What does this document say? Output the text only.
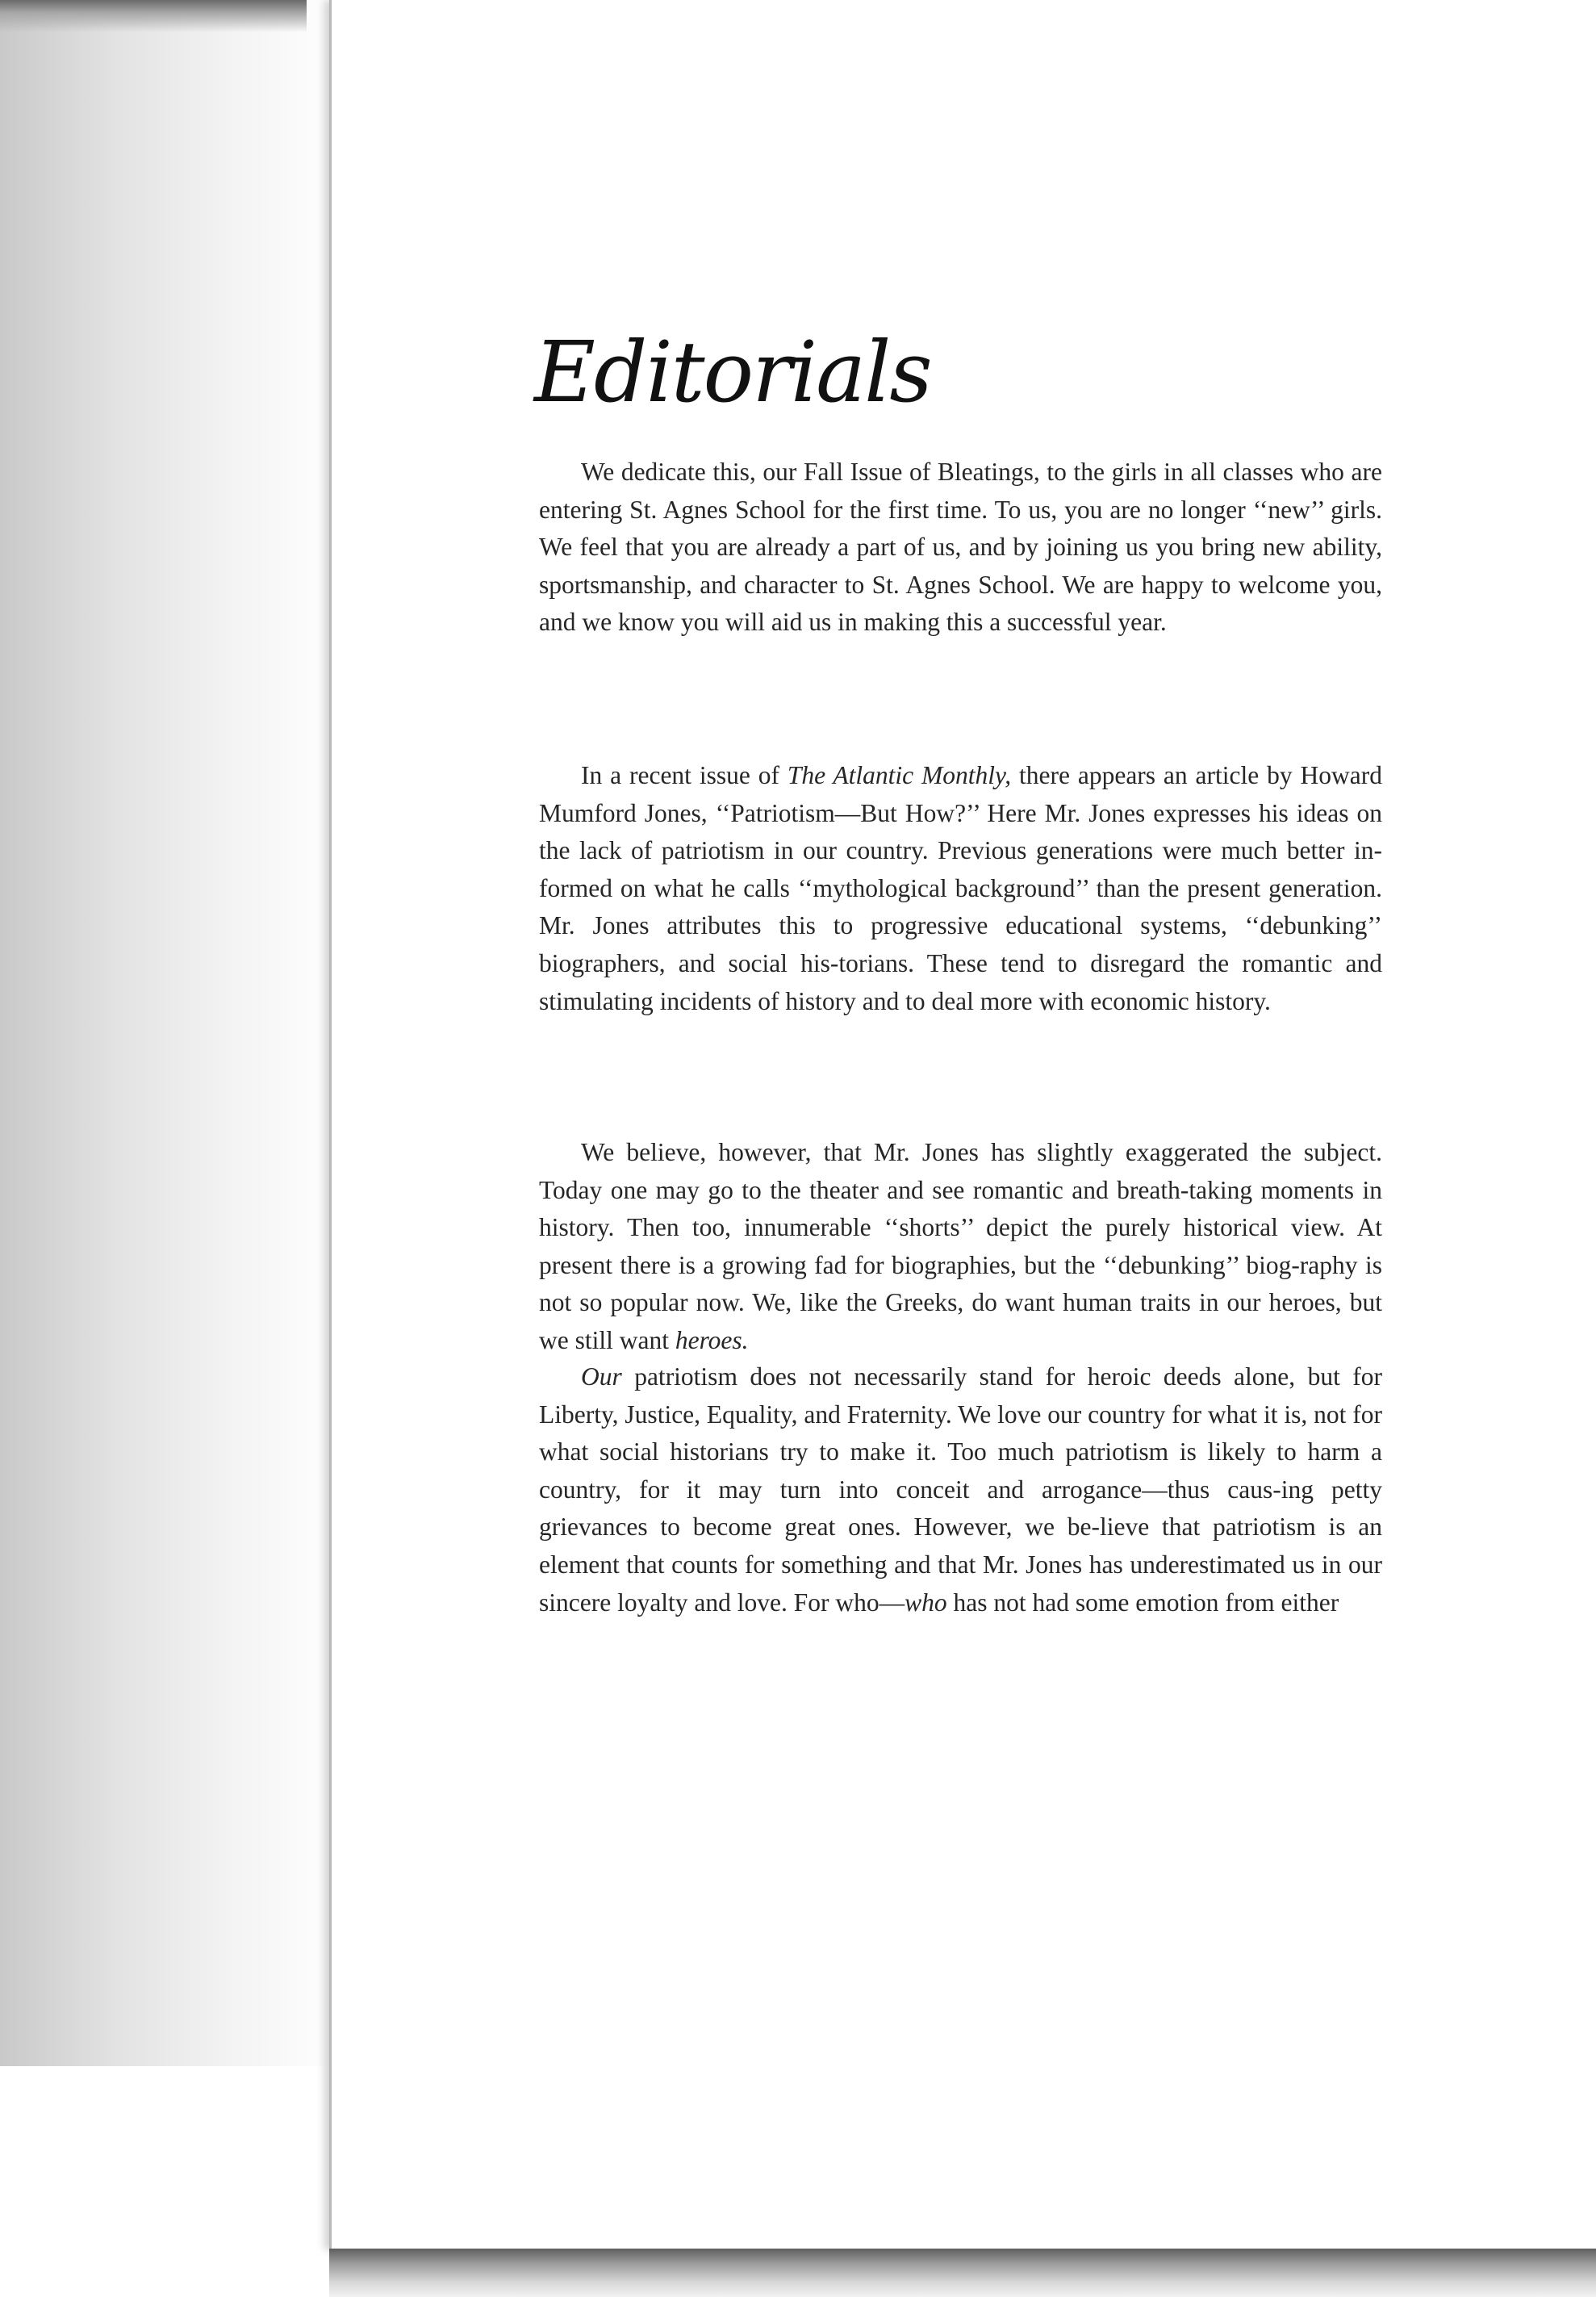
Editorials

We dedicate this, our Fall Issue of Bleatings, to the girls in all classes who are entering St. Agnes School for the first time. To us, you are no longer ‘‘new’’ girls. We feel that you are already a part of us, and by joining us you bring new ability, sportsmanship, and character to St. Agnes School. We are happy to welcome you, and we know you will aid us in making this a successful year.

In a recent issue of The Atlantic Monthly, there appears an article by Howard Mumford Jones, ‘‘Patriotism—But How?’’ Here Mr. Jones expresses his ideas on the lack of patriotism in our country. Previous generations were much better in-formed on what he calls ‘‘mythological background’’ than the present generation. Mr. Jones attributes this to progressive educational systems, ‘‘debunking’’ biographers, and social his-torians. These tend to disregard the romantic and stimulating incidents of history and to deal more with economic history.

We believe, however, that Mr. Jones has slightly exaggerated the subject. Today one may go to the theater and see romantic and breath-taking moments in history. Then too, innumerable ‘‘shorts’’ depict the purely historical view. At present there is a growing fad for biographies, but the ‘‘debunking’’ biog-raphy is not so popular now. We, like the Greeks, do want human traits in our heroes, but we still want heroes.

Our patriotism does not necessarily stand for heroic deeds alone, but for Liberty, Justice, Equality, and Fraternity. We love our country for what it is, not for what social historians try to make it. Too much patriotism is likely to harm a country, for it may turn into conceit and arrogance—thus caus-ing petty grievances to become great ones. However, we be-lieve that patriotism is an element that counts for something and that Mr. Jones has underestimated us in our sincere loyalty and love. For who—who has not had some emotion from either
